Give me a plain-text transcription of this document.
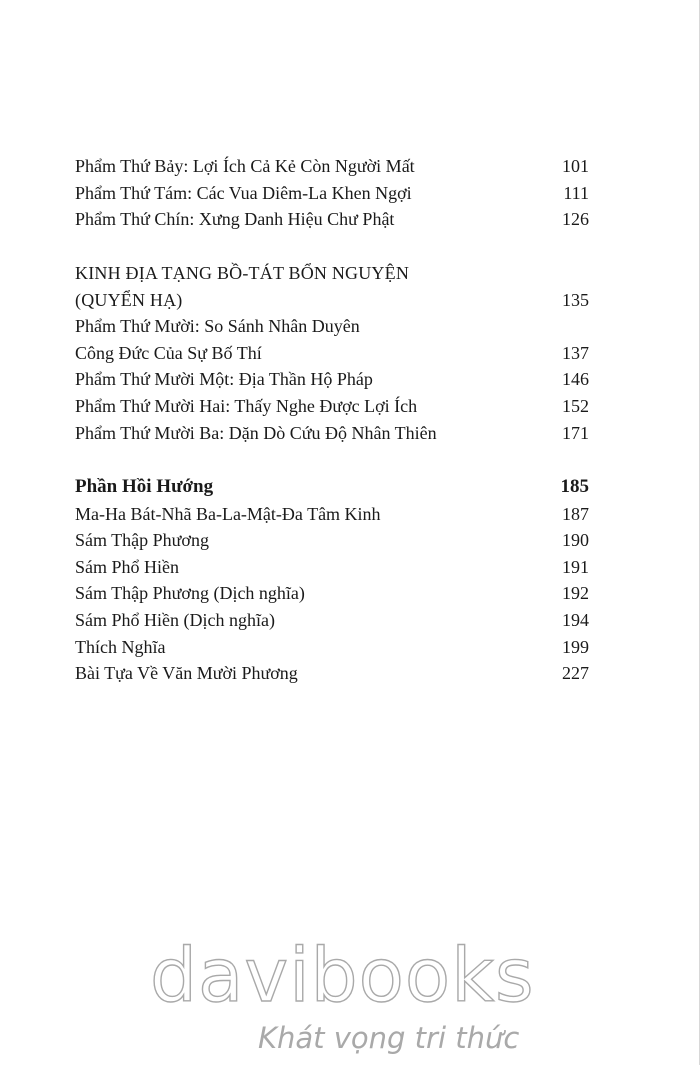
Phẩm Thứ Bảy: Lợi Ích Cả Kẻ Còn Người Mất	101
Phẩm Thứ Tám: Các Vua Diêm-La Khen Ngợi	111
Phẩm Thứ Chín: Xưng Danh Hiệu Chư Phật	126
KINH ĐỊA TẠNG BỒ-TÁT BỔN NGUYỆN
(QUYỂN HẠ)	135
Phẩm Thứ Mười: So Sánh Nhân Duyên
Công Đức Của Sự Bố Thí	137
Phẩm Thứ Mười Một: Địa Thần Hộ Pháp	146
Phẩm Thứ Mười Hai: Thấy Nghe Được Lợi Ích	152
Phẩm Thứ Mười Ba: Dặn Dò Cứu Độ Nhân Thiên	171
Phần Hồi Hướng	185
Ma-Ha Bát-Nhã Ba-La-Mật-Đa Tâm Kinh	187
Sám Thập Phương	190
Sám Phổ Hiền	191
Sám Thập Phương (Dịch nghĩa)	192
Sám Phổ Hiền (Dịch nghĩa)	194
Thích Nghĩa	199
Bài Tựa Về Văn Mười Phương	227
davibooks
Khát vọng tri thức
